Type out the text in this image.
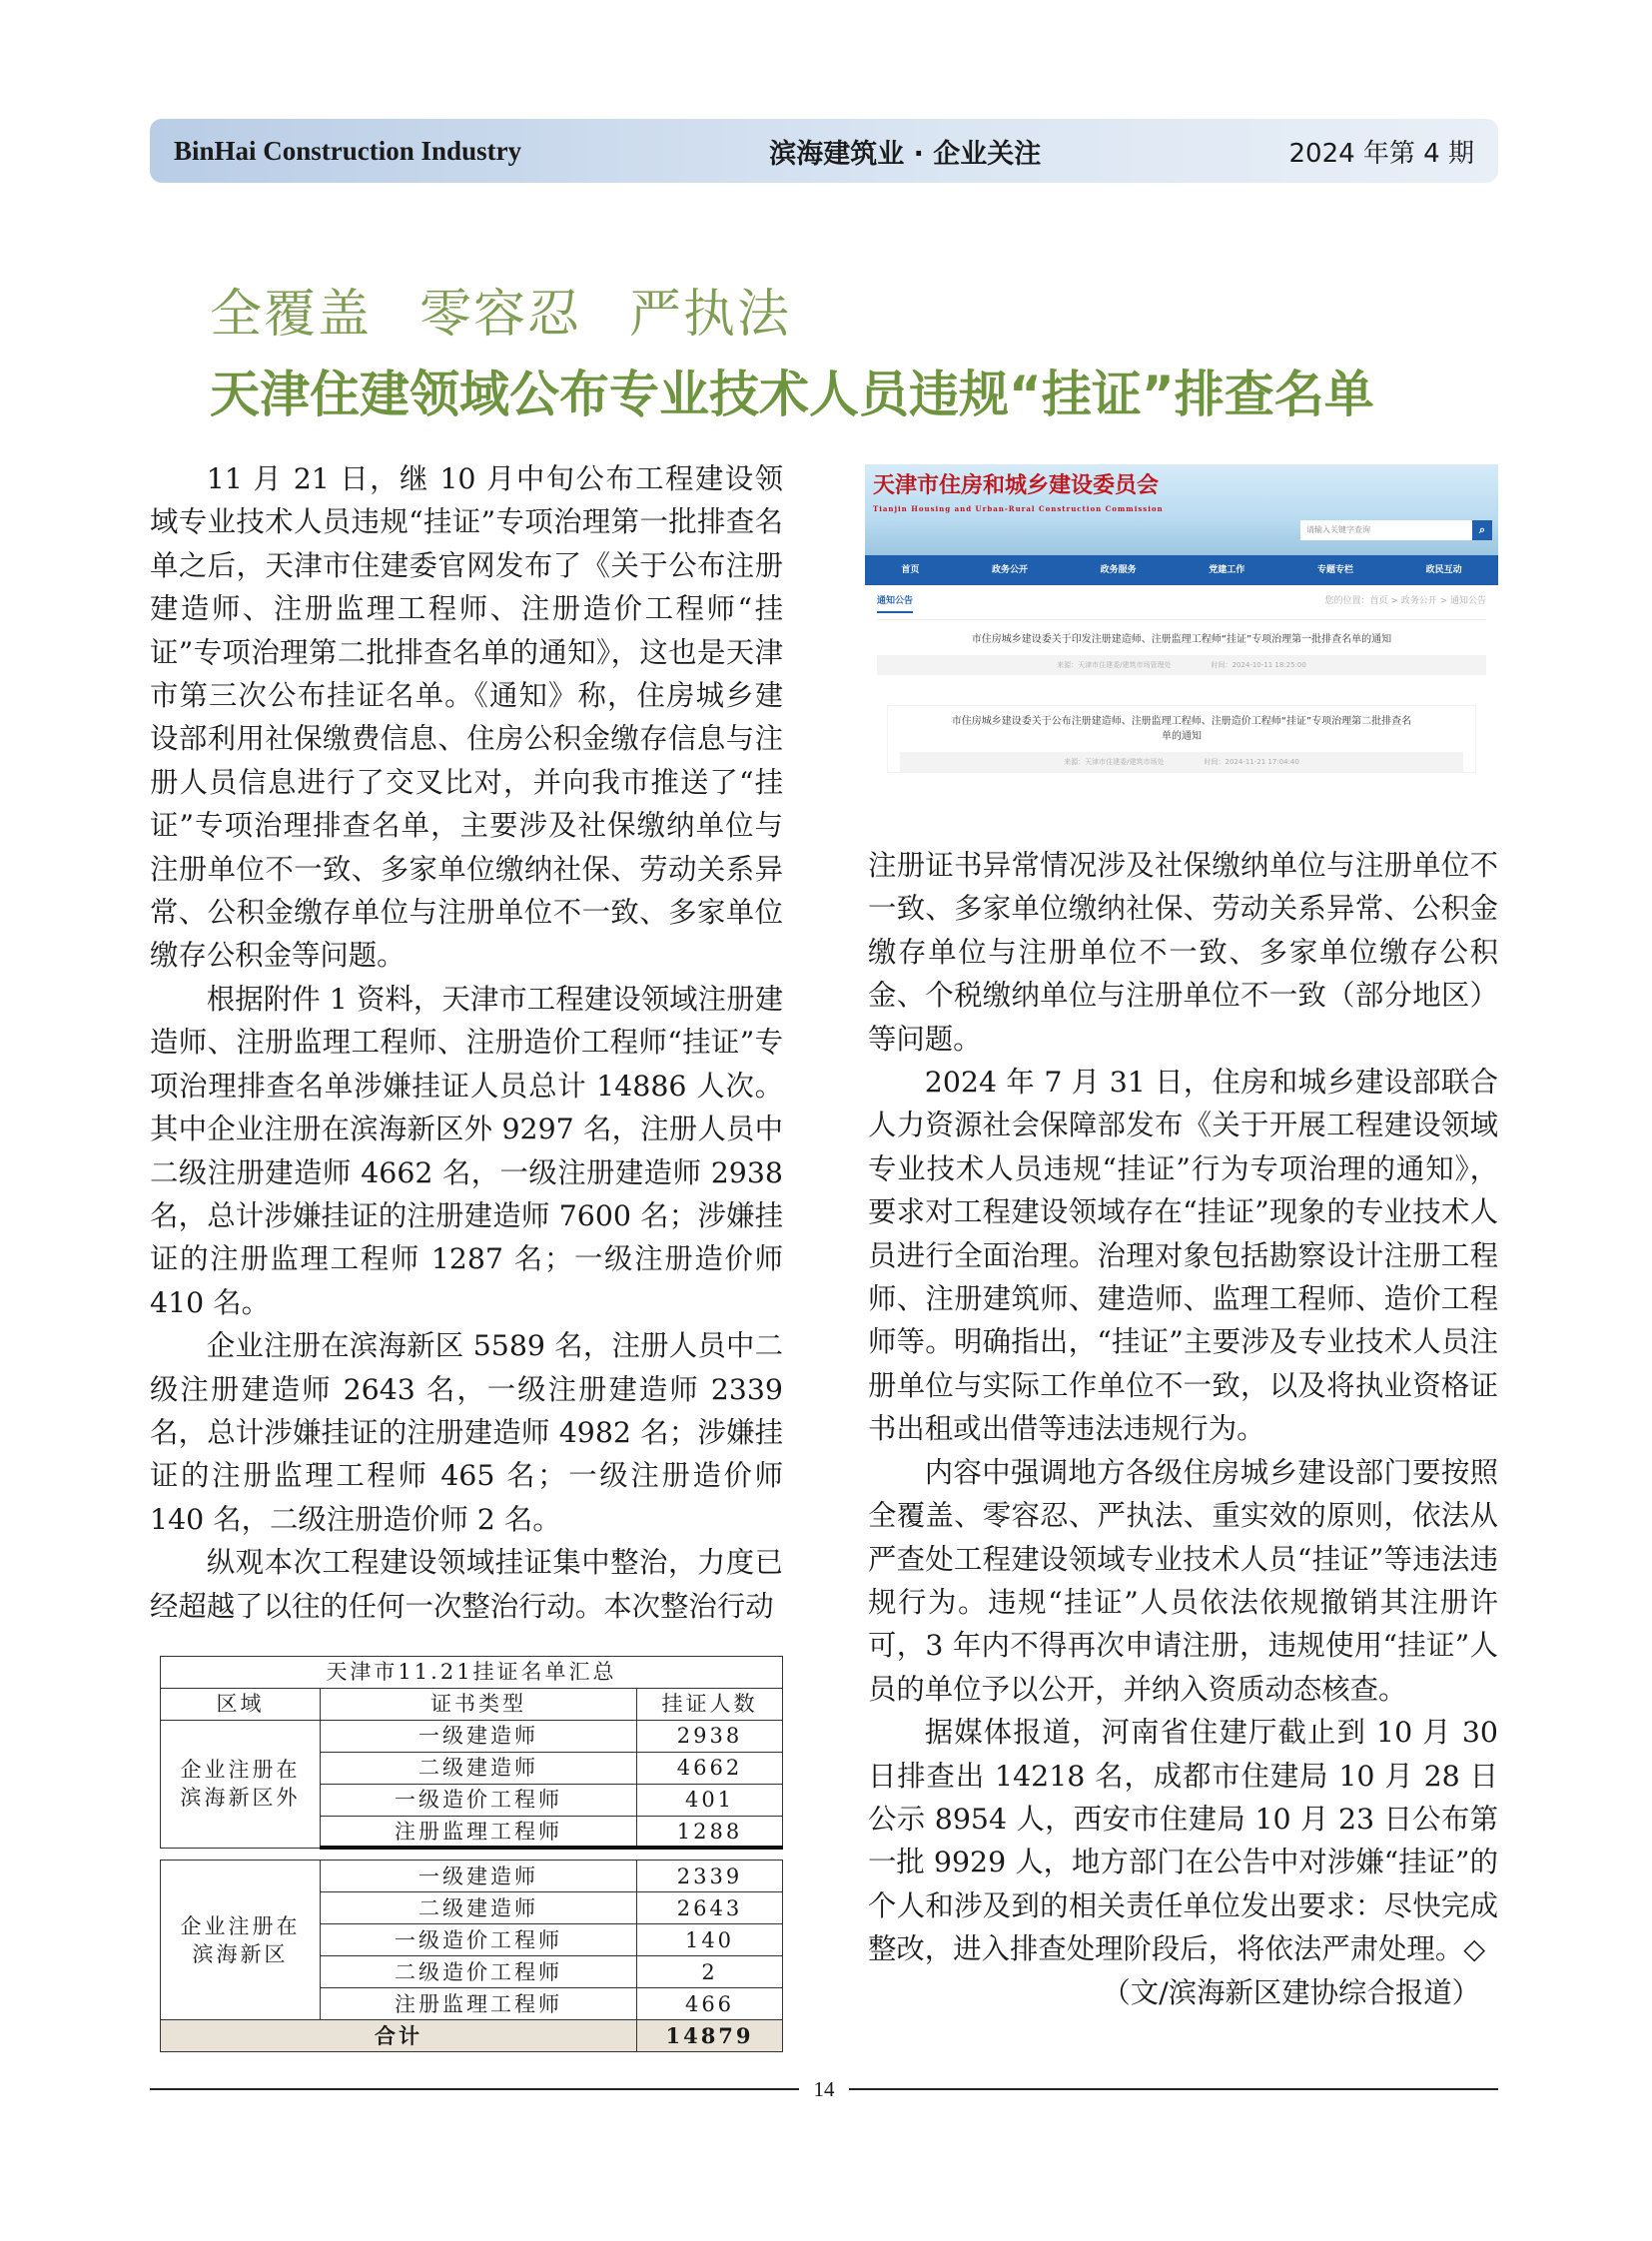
BinHai Construction Industry	滨海建筑业 · 企业关注	2024 年第 4 期
全覆盖 零容忍 严执法
天津住建领域公布专业技术人员违规“挂证”排查名单

11 月 21 日，继 10 月中旬公布工程建设领域专业技术人员违规“挂证”专项治理第一批排查名单之后，天津市住建委官网发布了《关于公布注册建造师、注册监理工程师、注册造价工程师“挂证”专项治理第二批排查名单的通知》，这也是天津市第三次公布挂证名单。《通知》称，住房城乡建设部利用社保缴费信息、住房公积金缴存信息与注册人员信息进行了交叉比对，并向我市推送了“挂证”专项治理排查名单，主要涉及社保缴纳单位与注册单位不一致、多家单位缴纳社保、劳动关系异常、公积金缴存单位与注册单位不一致、多家单位缴存公积金等问题。

根据附件 1 资料，天津市工程建设领域注册建造师、注册监理工程师、注册造价工程师“挂证”专项治理排查名单涉嫌挂证人员总计 14886 人次。其中企业注册在滨海新区外 9297 名，注册人员中二级注册建造师 4662 名，一级注册建造师 2938 名，总计涉嫌挂证的注册建造师 7600 名；涉嫌挂证的注册监理工程师 1287 名；一级注册造价师 410 名。

企业注册在滨海新区 5589 名，注册人员中二级注册建造师 2643 名，一级注册建造师 2339 名，总计涉嫌挂证的注册建造师 4982 名；涉嫌挂证的注册监理工程师 465 名；一级注册造价师 140 名，二级注册造价师 2 名。

纵观本次工程建设领域挂证集中整治，力度已经超越了以往的任何一次整治行动。本次整治行动

天津市11.21挂证名单汇总		
区域	证书类型	挂证人数
企业注册在滨海新区外	一级建造师	2938
	二级建造师	4662
	一级造价工程师	401
	注册监理工程师	1288
企业注册在滨海新区	一级建造师	2339
	二级建造师	2643
	一级造价工程师	140
	二级造价工程师	2
	注册监理工程师	466
合计		14879
天津市住房和城乡建设委员会
Tianjin Housing and Urban-Rural Construction Commission
请输入关键字查询	⌕
首页	政务公开	政务服务	党建工作	专题专栏	政民互动
通知公告	您的位置：首页 > 政务公开 > 通知公告
市住房城乡建设委关于印发注册建造师、注册监理工程师“挂证”专项治理第一批排查名单的通知
来源：天津市住建委/建筑市场管理处	时间：2024-10-11 18:25:00
市住房城乡建设委关于公布注册建造师、注册监理工程师、注册造价工程师“挂证”专项治理第二批排查名单的通知
来源：天津市住建委/建筑市场处	时间：2024-11-21 17:04:40

注册证书异常情况涉及社保缴纳单位与注册单位不一致、多家单位缴纳社保、劳动关系异常、公积金缴存单位与注册单位不一致、多家单位缴存公积金、个税缴纳单位与注册单位不一致（部分地区）等问题。

2024 年 7 月 31 日，住房和城乡建设部联合人力资源社会保障部发布《关于开展工程建设领域专业技术人员违规“挂证”行为专项治理的通知》，要求对工程建设领域存在“挂证”现象的专业技术人员进行全面治理。治理对象包括勘察设计注册工程师、注册建筑师、建造师、监理工程师、造价工程师等。明确指出，“挂证”主要涉及专业技术人员注册单位与实际工作单位不一致，以及将执业资格证书出租或出借等违法违规行为。

内容中强调地方各级住房城乡建设部门要按照全覆盖、零容忍、严执法、重实效的原则，依法从严查处工程建设领域专业技术人员“挂证”等违法违规行为。违规“挂证”人员依法依规撤销其注册许可，3 年内不得再次申请注册，违规使用“挂证”人员的单位予以公开，并纳入资质动态核查。

据媒体报道，河南省住建厅截止到 10 月 30 日排查出 14218 名，成都市住建局 10 月 28 日公示 8954 人，西安市住建局 10 月 23 日公布第一批 9929 人，地方部门在公告中对涉嫌“挂证”的个人和涉及到的相关责任单位发出要求：尽快完成整改，进入排查处理阶段后，将依法严肃处理。◇

（文/滨海新区建协综合报道）

14
